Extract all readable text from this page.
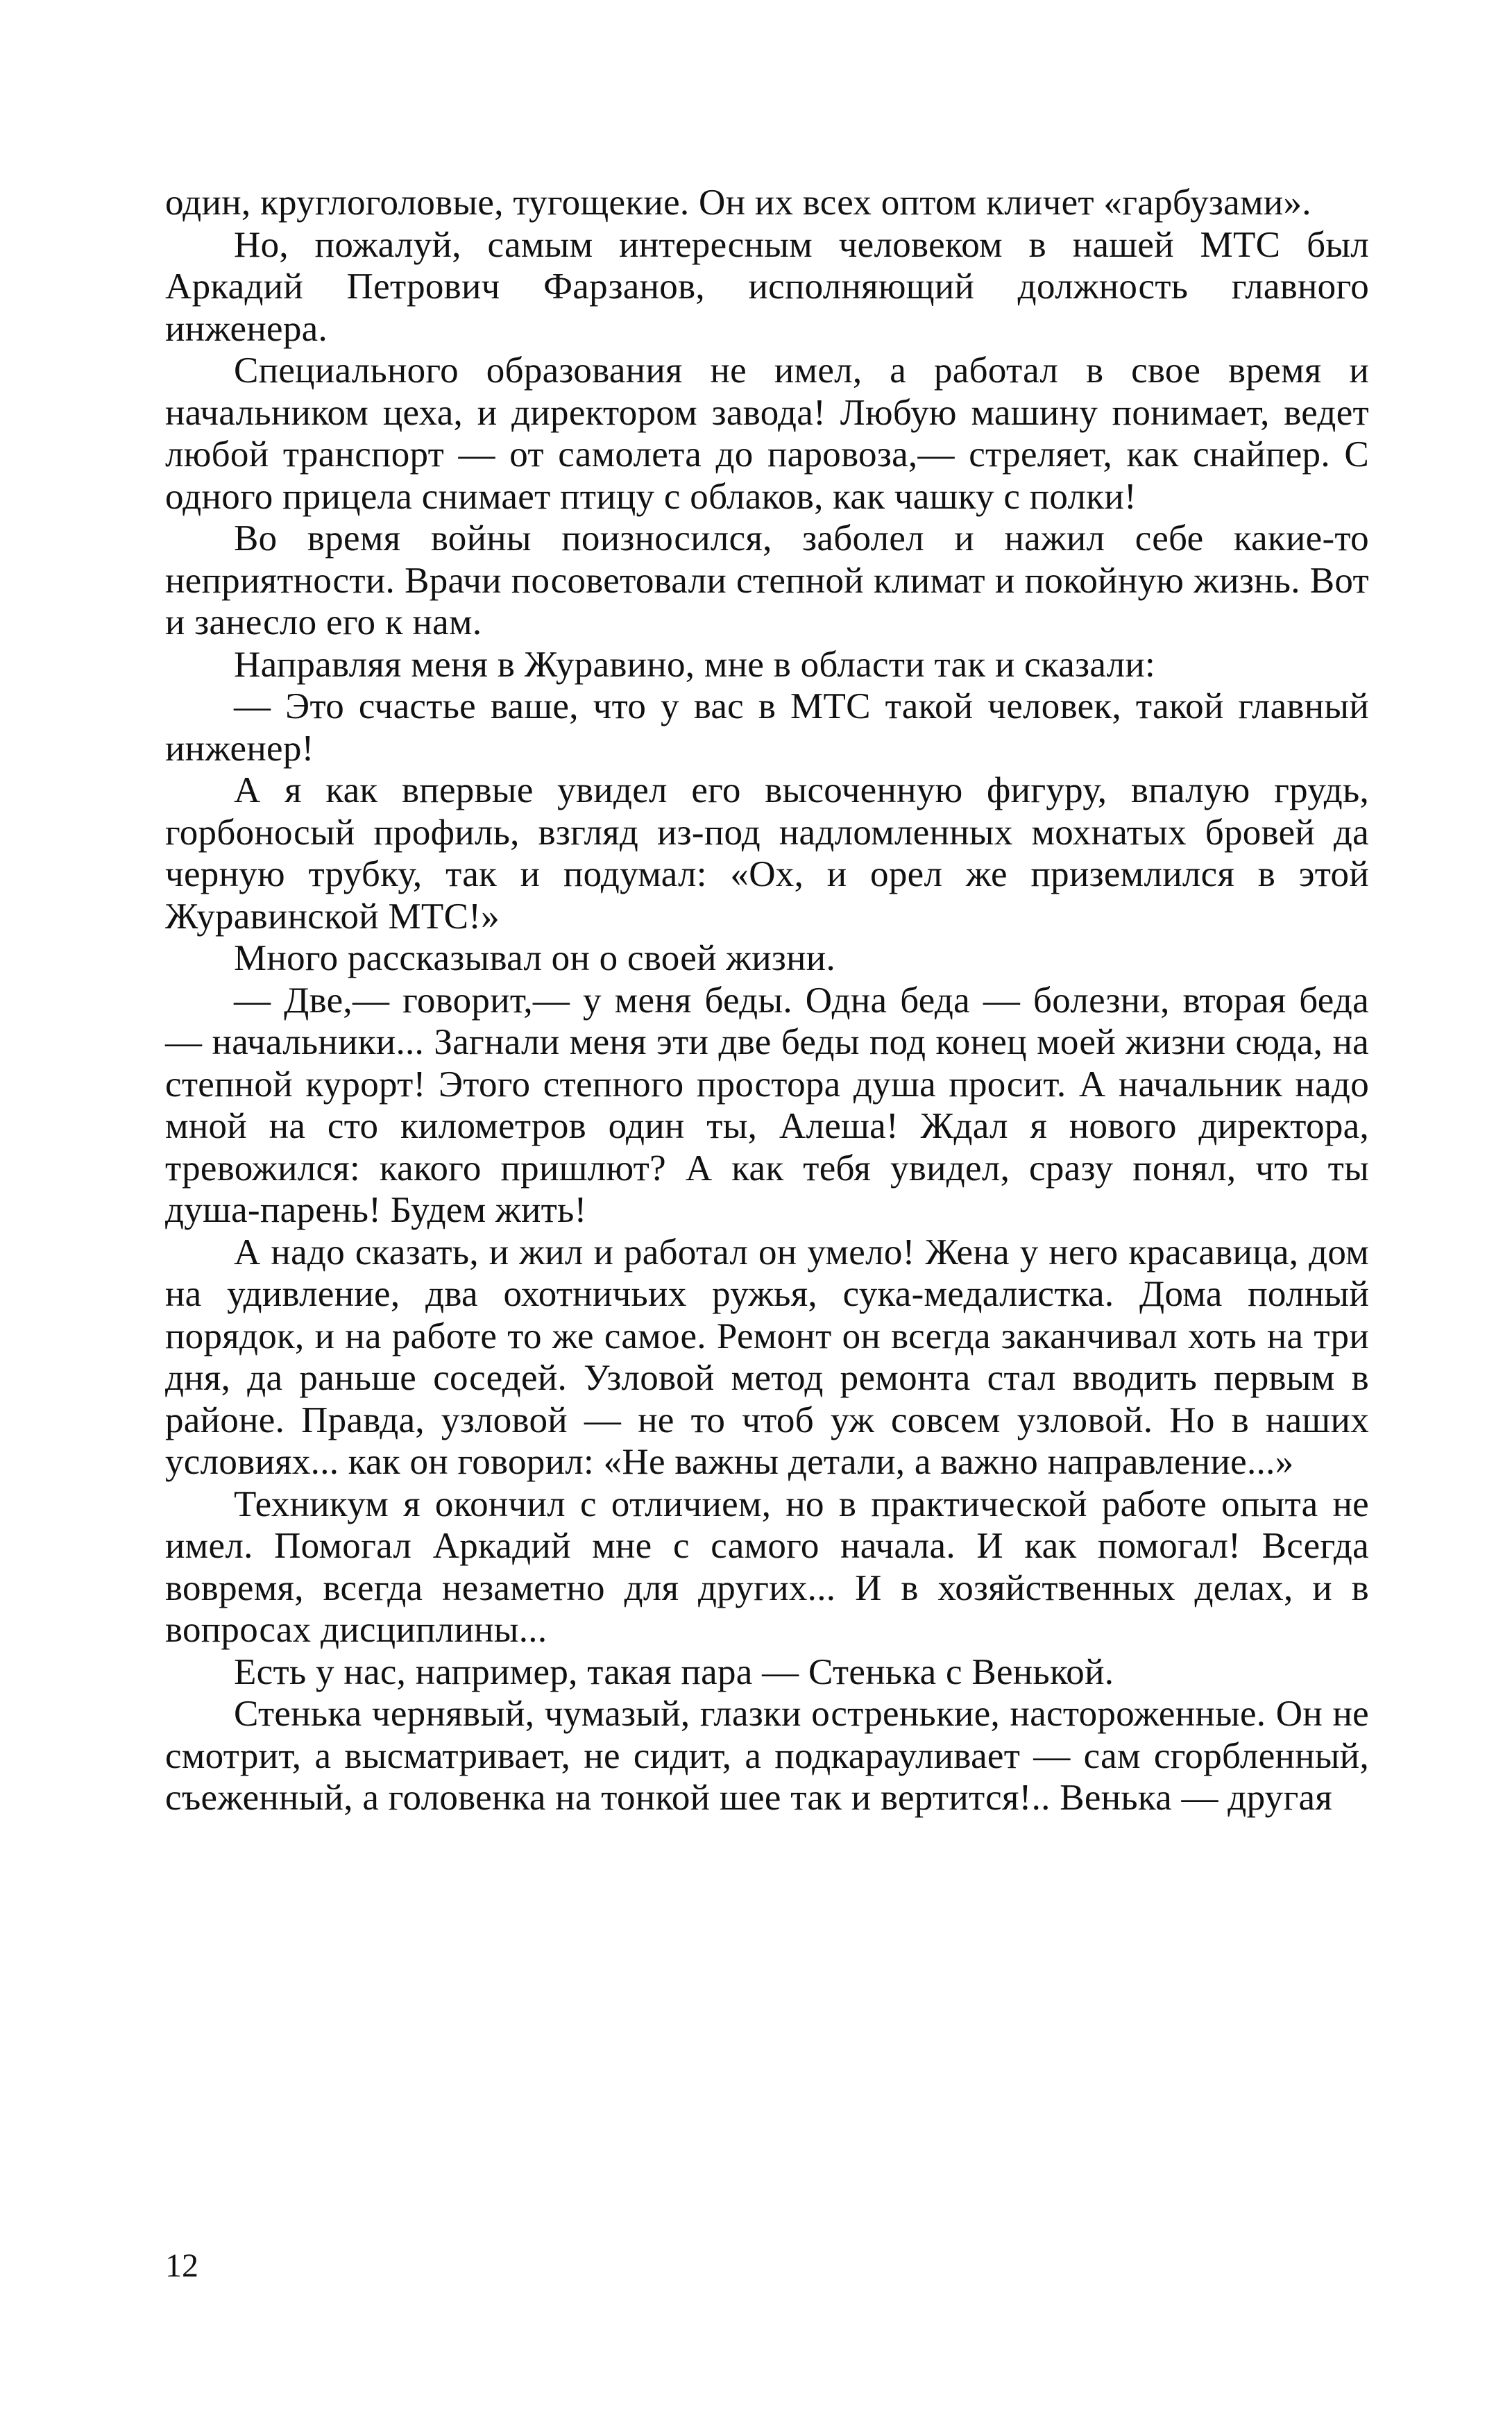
один, круглоголовые, тугощекие. Он их всех оптом кличет «гарбузами».

Но, пожалуй, самым интересным человеком в нашей МТС был Аркадий Петрович Фарзанов, исполняющий должность главного инженера.

Специального образования не имел, а работал в свое время и начальником цеха, и директором завода! Любую машину понимает, ведет любой транспорт — от самолета до паровоза,— стреляет, как снайпер. С одного прицела снимает птицу с облаков, как чашку с полки!

Во время войны поизносился, заболел и нажил себе какие-то неприятности. Врачи посоветовали степной климат и покойную жизнь. Вот и занесло его к нам.

Направляя меня в Журавино, мне в области так и сказали:

— Это счастье ваше, что у вас в МТС такой человек, такой главный инженер!

А я как впервые увидел его высоченную фигуру, впалую грудь, горбоносый профиль, взгляд из-под надломленных мохнатых бровей да черную трубку, так и подумал: «Ох, и орел же приземлился в этой Журавинской МТС!»

Много рассказывал он о своей жизни.

— Две,— говорит,— у меня беды. Одна беда — болезни, вторая беда — начальники... Загнали меня эти две беды под конец моей жизни сюда, на степной курорт! Этого степного простора душа просит. А начальник надо мной на сто километров один ты, Алеша! Ждал я нового директора, тревожился: какого пришлют? А как тебя увидел, сразу понял, что ты душа-парень! Будем жить!

А надо сказать, и жил и работал он умело! Жена у него красавица, дом на удивление, два охотничьих ружья, сука-медалистка. Дома полный порядок, и на работе то же самое. Ремонт он всегда заканчивал хоть на три дня, да раньше соседей. Узловой метод ремонта стал вводить первым в районе. Правда, узловой — не то чтоб уж совсем узловой. Но в наших условиях... как он говорил: «Не важны детали, а важно направление...»

Техникум я окончил с отличием, но в практической работе опыта не имел. Помогал Аркадий мне с самого начала. И как помогал! Всегда вовремя, всегда незаметно для других... И в хозяйственных делах, и в вопросах дисциплины...

Есть у нас, например, такая пара — Стенька с Венькой.

Стенька чернявый, чумазый, глазки остренькие, настороженные. Он не смотрит, а высматривает, не сидит, а подкарауливает — сам сгорбленный, съеженный, а головенка на тонкой шее так и вертится!.. Венька — другая

12
